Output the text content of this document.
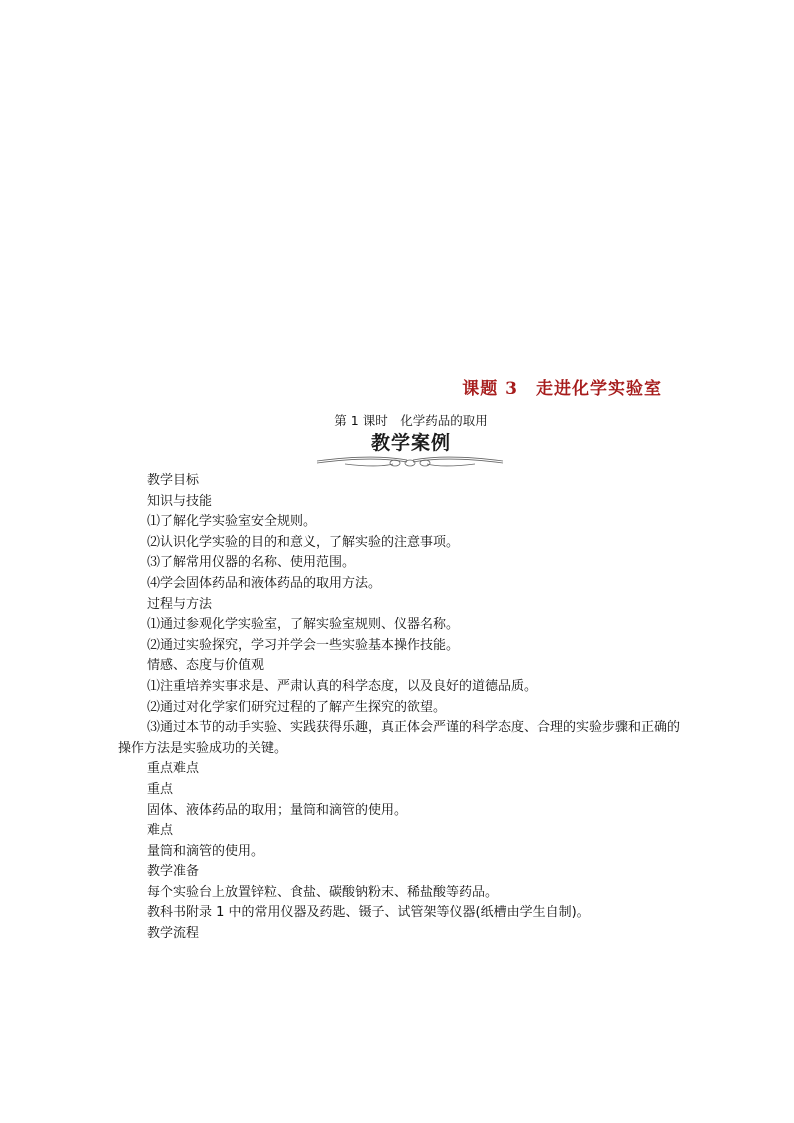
课题 3　走进化学实验室
第 1 课时　化学药品的取用
教学案例

教学目标

知识与技能

⑴了解化学实验室安全规则。

⑵认识化学实验的目的和意义，了解实验的注意事项。

⑶了解常用仪器的名称、使用范围。

⑷学会固体药品和液体药品的取用方法。

过程与方法

⑴通过参观化学实验室，了解实验室规则、仪器名称。

⑵通过实验探究，学习并学会一些实验基本操作技能。

情感、态度与价值观

⑴注重培养实事求是、严肃认真的科学态度，以及良好的道德品质。

⑵通过对化学家们研究过程的了解产生探究的欲望。

⑶通过本节的动手实验、实践获得乐趣，真正体会严谨的科学态度、合理的实验步骤和正确的操作方法是实验成功的关键。

重点难点

重点

固体、液体药品的取用；量筒和滴管的使用。

难点

量筒和滴管的使用。

教学准备

每个实验台上放置锌粒、食盐、碳酸钠粉末、稀盐酸等药品。

教科书附录 1 中的常用仪器及药匙、镊子、试管架等仪器(纸槽由学生自制)。

教学流程
